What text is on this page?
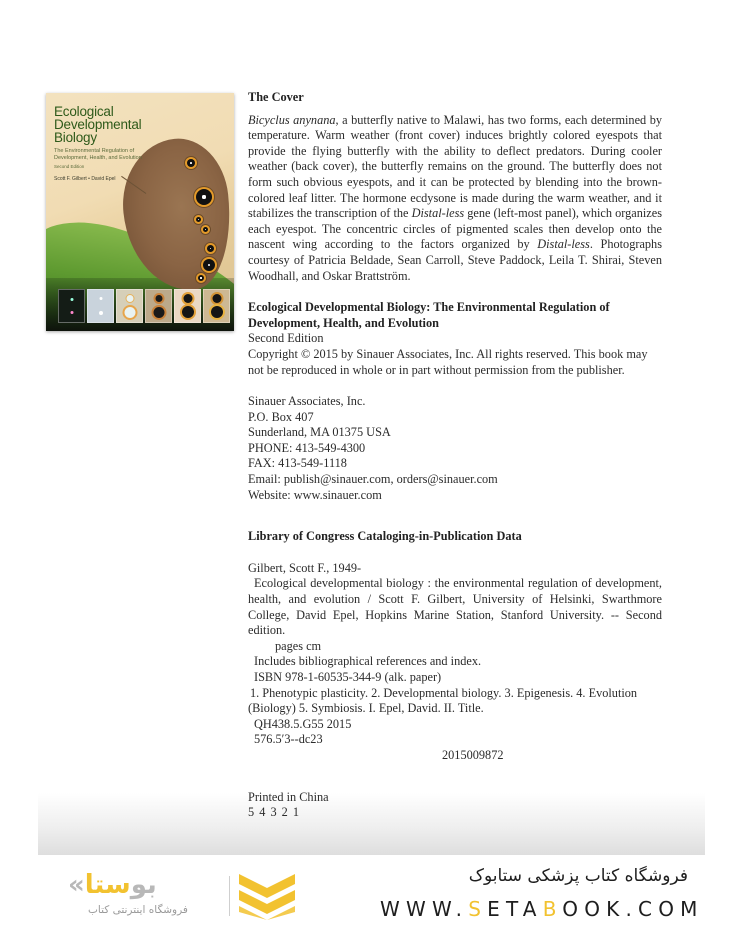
Ecological
Developmental
Biology
The Environmental Regulation of
Development, Health, and Evolution
Second Edition
Scott F. Gilbert • David Epel

The Cover

Bicyclus anynana, a butterfly native to Malawi, has two forms, each determined by temperature. Warm weather (front cover) induces brightly colored eyespots that provide the flying butterfly with the ability to deflect predators. During cooler weather (back cover), the butterfly remains on the ground. The butterfly does not form such obvious eyespots, and it can be protected by blending into the brown-colored leaf litter. The hormone ecdysone is made during the warm weather, and it stabilizes the transcription of the Distal-less gene (left-most panel), which organizes each eyespot. The concentric circles of pigmented scales then develop onto the nascent wing according to the factors organized by Distal-less. Photographs courtesy of Patricia Beldade, Sean Carroll, Steve Paddock, Leila T. Shirai, Steven Woodhall, and Oskar Brattström.

Ecological Developmental Biology: The Environmental Regulation of Development, Health, and Evolution

Second Edition

Copyright © 2015 by Sinauer Associates, Inc. All rights reserved. This book may not be reproduced in whole or in part without permission from the publisher.

Sinauer Associates, Inc.

P.O. Box 407

Sunderland, MA 01375 USA

PHONE: 413-549-4300

FAX: 413-549-1118

Email: publish@sinauer.com, orders@sinauer.com

Website: www.sinauer.com

Library of Congress Cataloging-in-Publication Data

Gilbert, Scott F., 1949-

Ecological developmental biology : the environmental regulation of development, health, and evolution / Scott F. Gilbert, University of Helsinki, Swarthmore College, David Epel, Hopkins Marine Station, Stanford University. -- Second edition.

pages cm

Includes bibliographical references and index.

ISBN 978-1-60535-344-9 (alk. paper)

1. Phenotypic plasticity. 2. Developmental biology. 3. Epigenesis. 4. Evolution (Biology) 5. Symbiosis. I. Epel, David. II. Title.

QH438.5.G55 2015

576.5′3--dc23

2015009872

Printed in China

5 4 3 2 1

«بوستا
فروشگاه اینترنتی کتاب
فروشگاه کتاب پزشکی ستابوک
WWW.SETABOOK.COM
